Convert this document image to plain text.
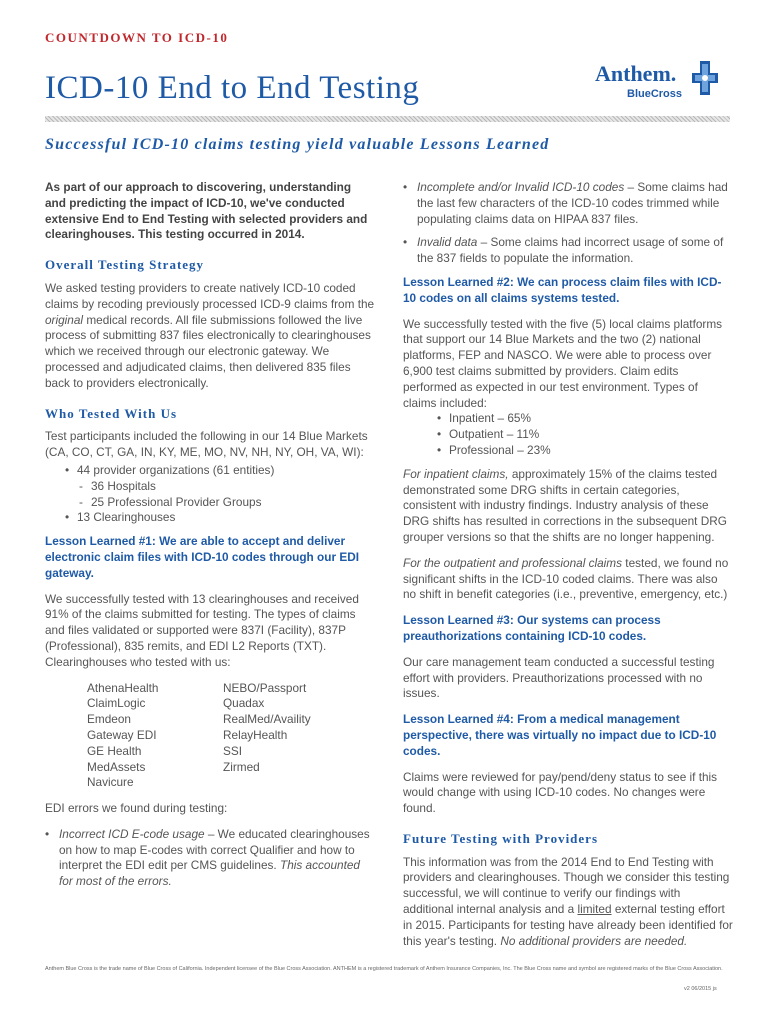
COUNTDOWN TO ICD-10
ICD-10 End to End Testing	Anthem.
BlueCross
Successful ICD-10 claims testing yield valuable Lessons Learned

As part of our approach to discovering, understanding and predicting the impact of ICD-10, we've conducted extensive End to End Testing with selected providers and clearinghouses. This testing occurred in 2014.

Overall Testing Strategy

We asked testing providers to create natively ICD-10 coded claims by recoding previously processed ICD-9 claims from the original medical records. All file submissions followed the live process of submitting 837 files electronically to clearinghouses which we received through our electronic gateway. We processed and adjudicated claims, then delivered 835 files back to providers electronically.

Who Tested With Us

Test participants included the following in our 14 Blue Markets (CA, CO, CT, GA, IN, KY, ME, MO, NV, NH, NY, OH, VA, WI):

• 44 provider organizations (61 entities)
- 36 Hospitals
- 25 Professional Provider Groups
• 13 Clearinghouses

Lesson Learned #1: We are able to accept and deliver electronic claim files with ICD-10 codes through our EDI gateway.

We successfully tested with 13 clearinghouses and received 91% of the claims submitted for testing. The types of claims and files validated or supported were 837I (Facility), 837P (Professional), 835 remits, and EDI L2 Reports (TXT). Clearinghouses who tested with us:

AthenaHealth
ClaimLogic
Emdeon
Gateway EDI
GE Health
MedAssets
Navicure
NEBO/Passport
Quadax
RealMed/Availity
RelayHealth
SSI
Zirmed

EDI errors we found during testing:

• Incorrect ICD E-code usage – We educated clearinghouses on how to map E-codes with correct Qualifier and how to interpret the EDI edit per CMS guidelines. This accounted for most of the errors.
• Incomplete and/or Invalid ICD-10 codes – Some claims had the last few characters of the ICD-10 codes trimmed while populating claims data on HIPAA 837 files.
• Invalid data – Some claims had incorrect usage of some of the 837 fields to populate the information.

Lesson Learned #2: We can process claim files with ICD-10 codes on all claims systems tested.

We successfully tested with the five (5) local claims platforms that support our 14 Blue Markets and the two (2) national platforms, FEP and NASCO. We were able to process over 6,900 test claims submitted by providers. Claim edits performed as expected in our test environment. Types of claims included:

• Inpatient – 65%
• Outpatient – 11%
• Professional – 23%

For inpatient claims, approximately 15% of the claims tested demonstrated some DRG shifts in certain categories, consistent with industry findings. Industry analysis of these DRG shifts has resulted in corrections in the subsequent DRG grouper versions so that the shifts are no longer happening.

For the outpatient and professional claims tested, we found no significant shifts in the ICD-10 coded claims. There was also no shift in benefit categories (i.e., preventive, emergency, etc.)

Lesson Learned #3: Our systems can process preauthorizations containing ICD-10 codes.

Our care management team conducted a successful testing effort with providers. Preauthorizations processed with no issues.

Lesson Learned #4: From a medical management perspective, there was virtually no impact due to ICD-10 codes.

Claims were reviewed for pay/pend/deny status to see if this would change with using ICD-10 codes. No changes were found.

Future Testing with Providers

This information was from the 2014 End to End Testing with providers and clearinghouses. Though we consider this testing successful, we will continue to verify our findings with additional internal analysis and a limited external testing effort in 2015. Participants for testing have already been identified for this year's testing. No additional providers are needed.

Anthem Blue Cross is the trade name of Blue Cross of California. Independent licensee of the Blue Cross Association. ANTHEM is a registered trademark of Anthem Insurance Companies, Inc. The Blue Cross name and symbol are registered marks of the Blue Cross Association.
v2 06/2015 js
